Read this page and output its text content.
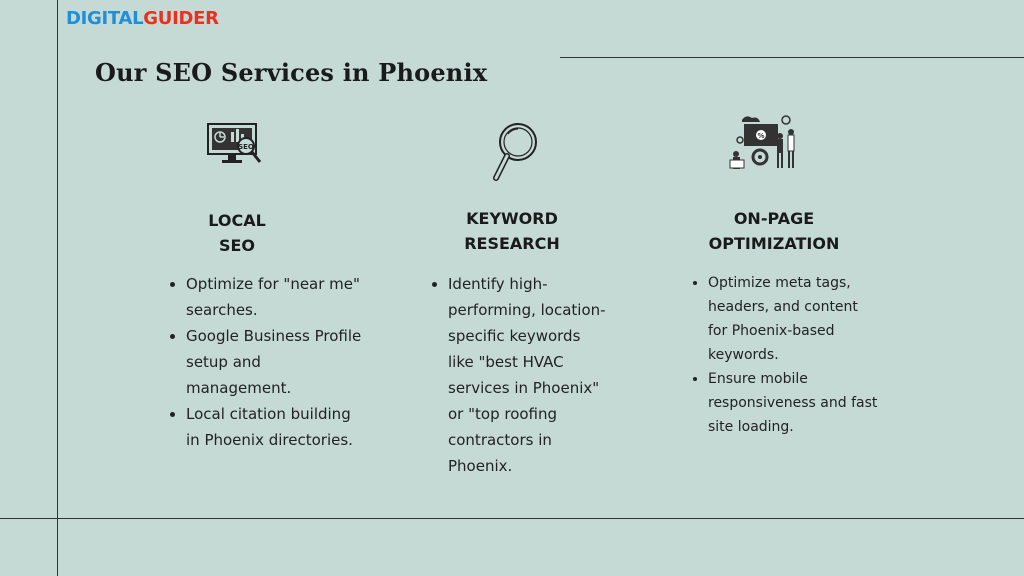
DIGITALGUIDER
Our SEO Services in Phoenix
SEO
%
LOCAL
SEO
• Optimize for "near me" searches.
• Google Business Profile setup and management.
• Local citation building in Phoenix directories.
KEYWORD
RESEARCH
• Identify high-performing, location-specific keywords like "best HVAC services in Phoenix" or "top roofing contractors in Phoenix.
ON-PAGE
OPTIMIZATION
• Optimize meta tags, headers, and content for Phoenix-based keywords.
• Ensure mobile responsiveness and fast site loading.
